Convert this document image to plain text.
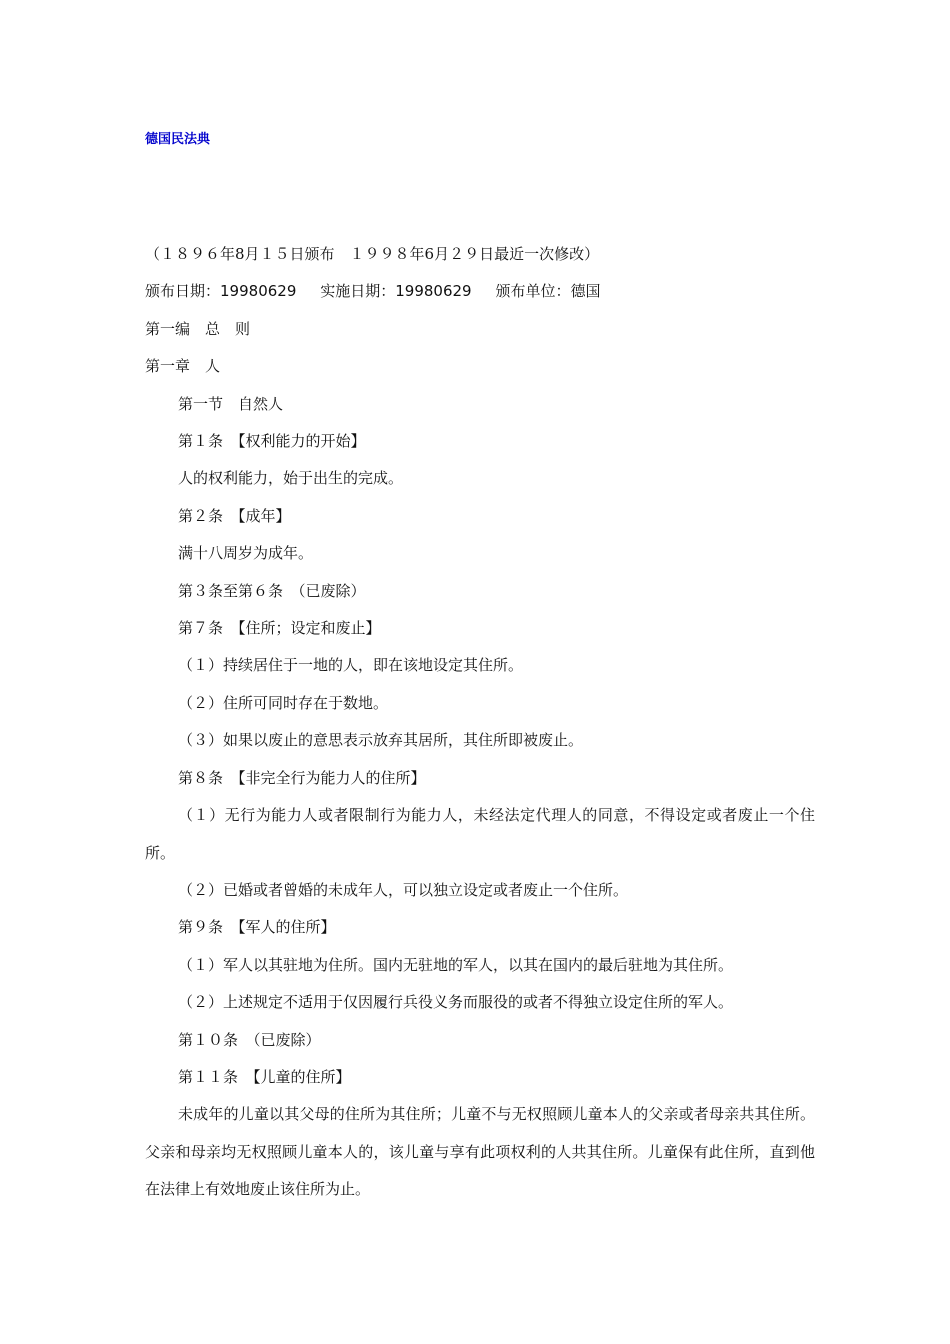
德国民法典

（１８９６年8月１５日颁布　１９９８年6月２９日最近一次修改）

颁布日期：19980629 实施日期：19980629 颁布单位：德国

第一编　总　则

第一章　人

第一节　自然人

第１条　【权利能力的开始】

人的权利能力，始于出生的完成。

第２条　【成年】

满十八周岁为成年。

第３条至第６条　（已废除）

第７条　【住所；设定和废止】

（１）持续居住于一地的人，即在该地设定其住所。

（２）住所可同时存在于数地。

（３）如果以废止的意思表示放弃其居所，其住所即被废止。

第８条　【非完全行为能力人的住所】

（１）无行为能力人或者限制行为能力人，未经法定代理人的同意，不得设定或者废止一个住所。

（２）已婚或者曾婚的未成年人，可以独立设定或者废止一个住所。

第９条　【军人的住所】

（１）军人以其驻地为住所。国内无驻地的军人，以其在国内的最后驻地为其住所。

（２）上述规定不适用于仅因履行兵役义务而服役的或者不得独立设定住所的军人。

第１０条　（已废除）

第１１条　【儿童的住所】

未成年的儿童以其父母的住所为其住所；儿童不与无权照顾儿童本人的父亲或者母亲共其住所。父亲和母亲均无权照顾儿童本人的，该儿童与享有此项权利的人共其住所。儿童保有此住所，直到他在法律上有效地废止该住所为止。
